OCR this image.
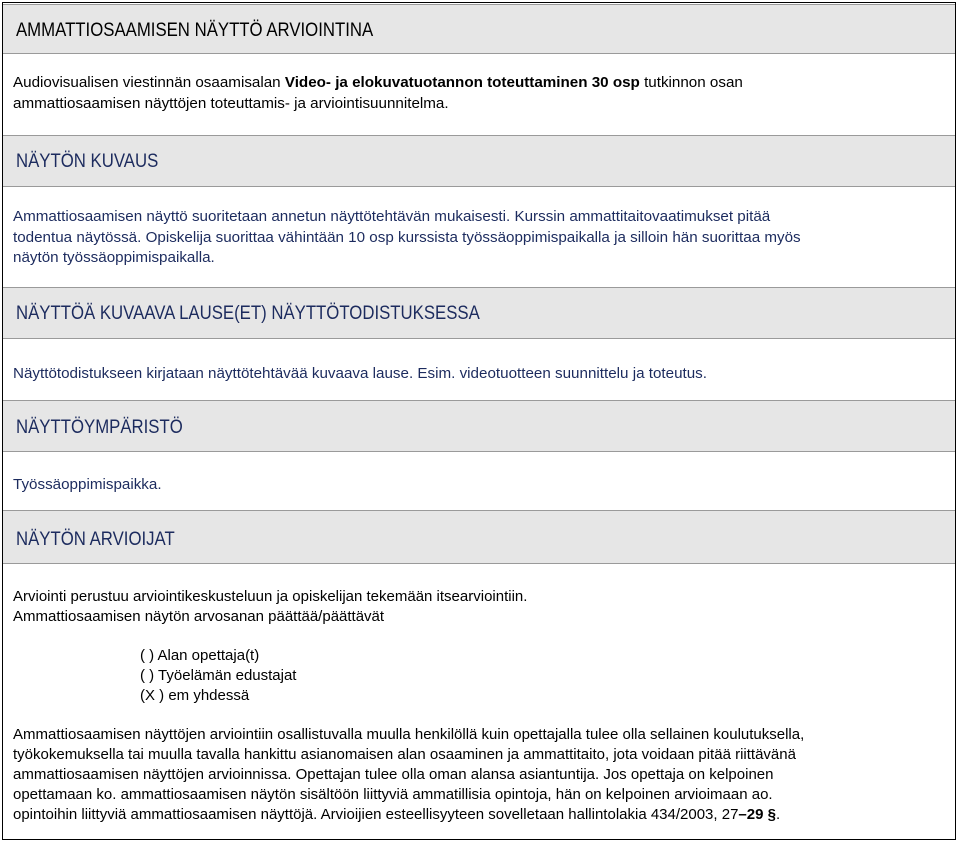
AMMATTIOSAAMISEN NÄYTTÖ ARVIOINTINA
Audiovisualisen viestinnän osaamisalan Video- ja elokuvatuotannon toteuttaminen 30 osp tutkinnon osan
ammattiosaamisen näyttöjen toteuttamis- ja arviointisuunnitelma.
NÄYTÖN KUVAUS
Ammattiosaamisen näyttö suoritetaan annetun näyttötehtävän mukaisesti. Kurssin ammattitaitovaatimukset pitää
todentua näytössä. Opiskelija suorittaa vähintään 10 osp kurssista työssäoppimispaikalla ja silloin hän suorittaa myös
näytön työssäoppimispaikalla.
NÄYTTÖÄ KUVAAVA LAUSE(ET) NÄYTTÖTODISTUKSESSA
Näyttötodistukseen kirjataan näyttötehtävää kuvaava lause. Esim. videotuotteen suunnittelu ja toteutus.
NÄYTTÖYMPÄRISTÖ
Työssäoppimispaikka.
NÄYTÖN ARVIOIJAT
Arviointi perustuu arviointikeskusteluun ja opiskelijan tekemään itsearviointiin.
Ammattiosaamisen näytön arvosanan päättää/päättävät
( ) Alan opettaja(t)
( ) Työelämän edustajat
(X ) em yhdessä
Ammattiosaamisen näyttöjen arviointiin osallistuvalla muulla henkilöllä kuin opettajalla tulee olla sellainen koulutuksella,
työkokemuksella tai muulla tavalla hankittu asianomaisen alan osaaminen ja ammattitaito, jota voidaan pitää riittävänä
ammattiosaamisen näyttöjen arvioinnissa. Opettajan tulee olla oman alansa asiantuntija. Jos opettaja on kelpoinen
opettamaan ko. ammattiosaamisen näytön sisältöön liittyviä ammatillisia opintoja, hän on kelpoinen arvioimaan ao.
opintoihin liittyviä ammattiosaamisen näyttöjä. Arvioijien esteellisyyteen sovelletaan hallintolakia 434/2003, 27–29 §.
